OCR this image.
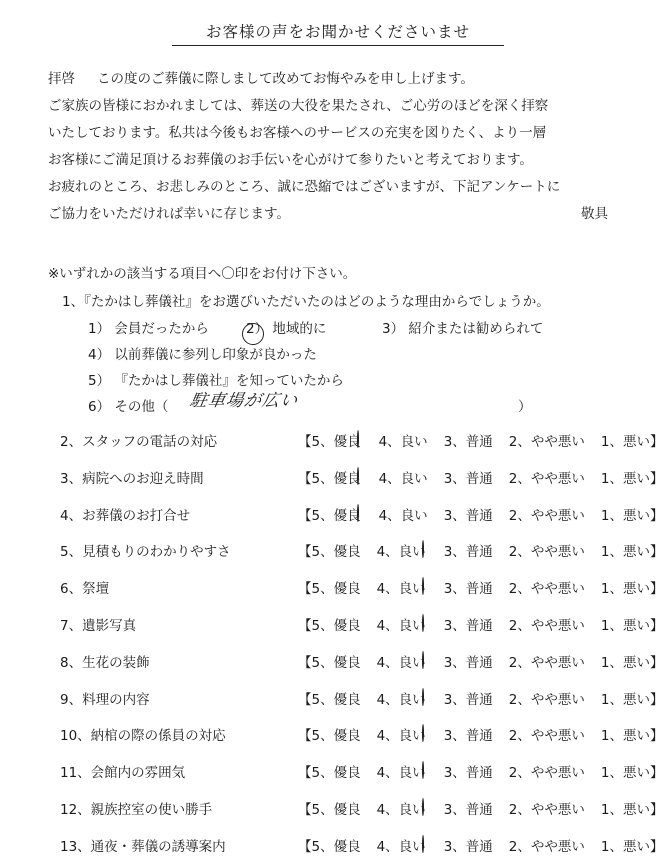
お客様の声をお聞かせくださいませ
拝啓 この度のご葬儀に際しまして改めてお悔やみを申し上げます。
ご家族の皆様におかれましては、葬送の大役を果たされ、ご心労のほどを深く拝察
いたしております。私共は今後もお客様へのサービスの充実を図りたく、より一層
お客様にご満足頂けるお葬儀のお手伝いを心がけて参りたいと考えております。
お疲れのところ、お悲しみのところ、誠に恐縮ではございますが、下記アンケートに
ご協力をいただければ幸いに存じます。	敬具
※いずれかの該当する項目へ〇印をお付け下さい。
1、『たかはし葬儀社』をお選びいただいたのはどのような理由からでしょうか。
1） 会員だったから	2
） 地域的に	3） 紹介または勧められて
4） 以前葬儀に参列し印象が良かった
5） 『たかはし葬儀社』を知っていたから
6） その他（ 駐車場が広い	）
2、スタッフの電話の対応	【5、優良 4、良い 3、普通 2、やや悪い 1、悪い】
3、病院へのお迎え時間	【5、優良 4、良い 3、普通 2、やや悪い 1、悪い】
4、お葬儀のお打合せ	【5、優良 4、良い 3、普通 2、やや悪い 1、悪い】
5、見積もりのわかりやすさ	【5、優良 4、良い 3、普通 2、やや悪い 1、悪い】
6、祭壇	【5、優良 4、良い 3、普通 2、やや悪い 1、悪い】
7、遺影写真	【5、優良 4、良い 3、普通 2、やや悪い 1、悪い】
8、生花の装飾	【5、優良 4、良い 3、普通 2、やや悪い 1、悪い】
9、料理の内容	【5、優良 4、良い 3、普通 2、やや悪い 1、悪い】
10、納棺の際の係員の対応	【5、優良 4、良い 3、普通 2、やや悪い 1、悪い】
11、会館内の雰囲気	【5、優良 4、良い 3、普通 2、やや悪い 1、悪い】
12、親族控室の使い勝手	【5、優良 4、良い 3、普通 2、やや悪い 1、悪い】
13、通夜・葬儀の誘導案内	【5、優良 4、良い 3、普通 2、やや悪い 1、悪い】
